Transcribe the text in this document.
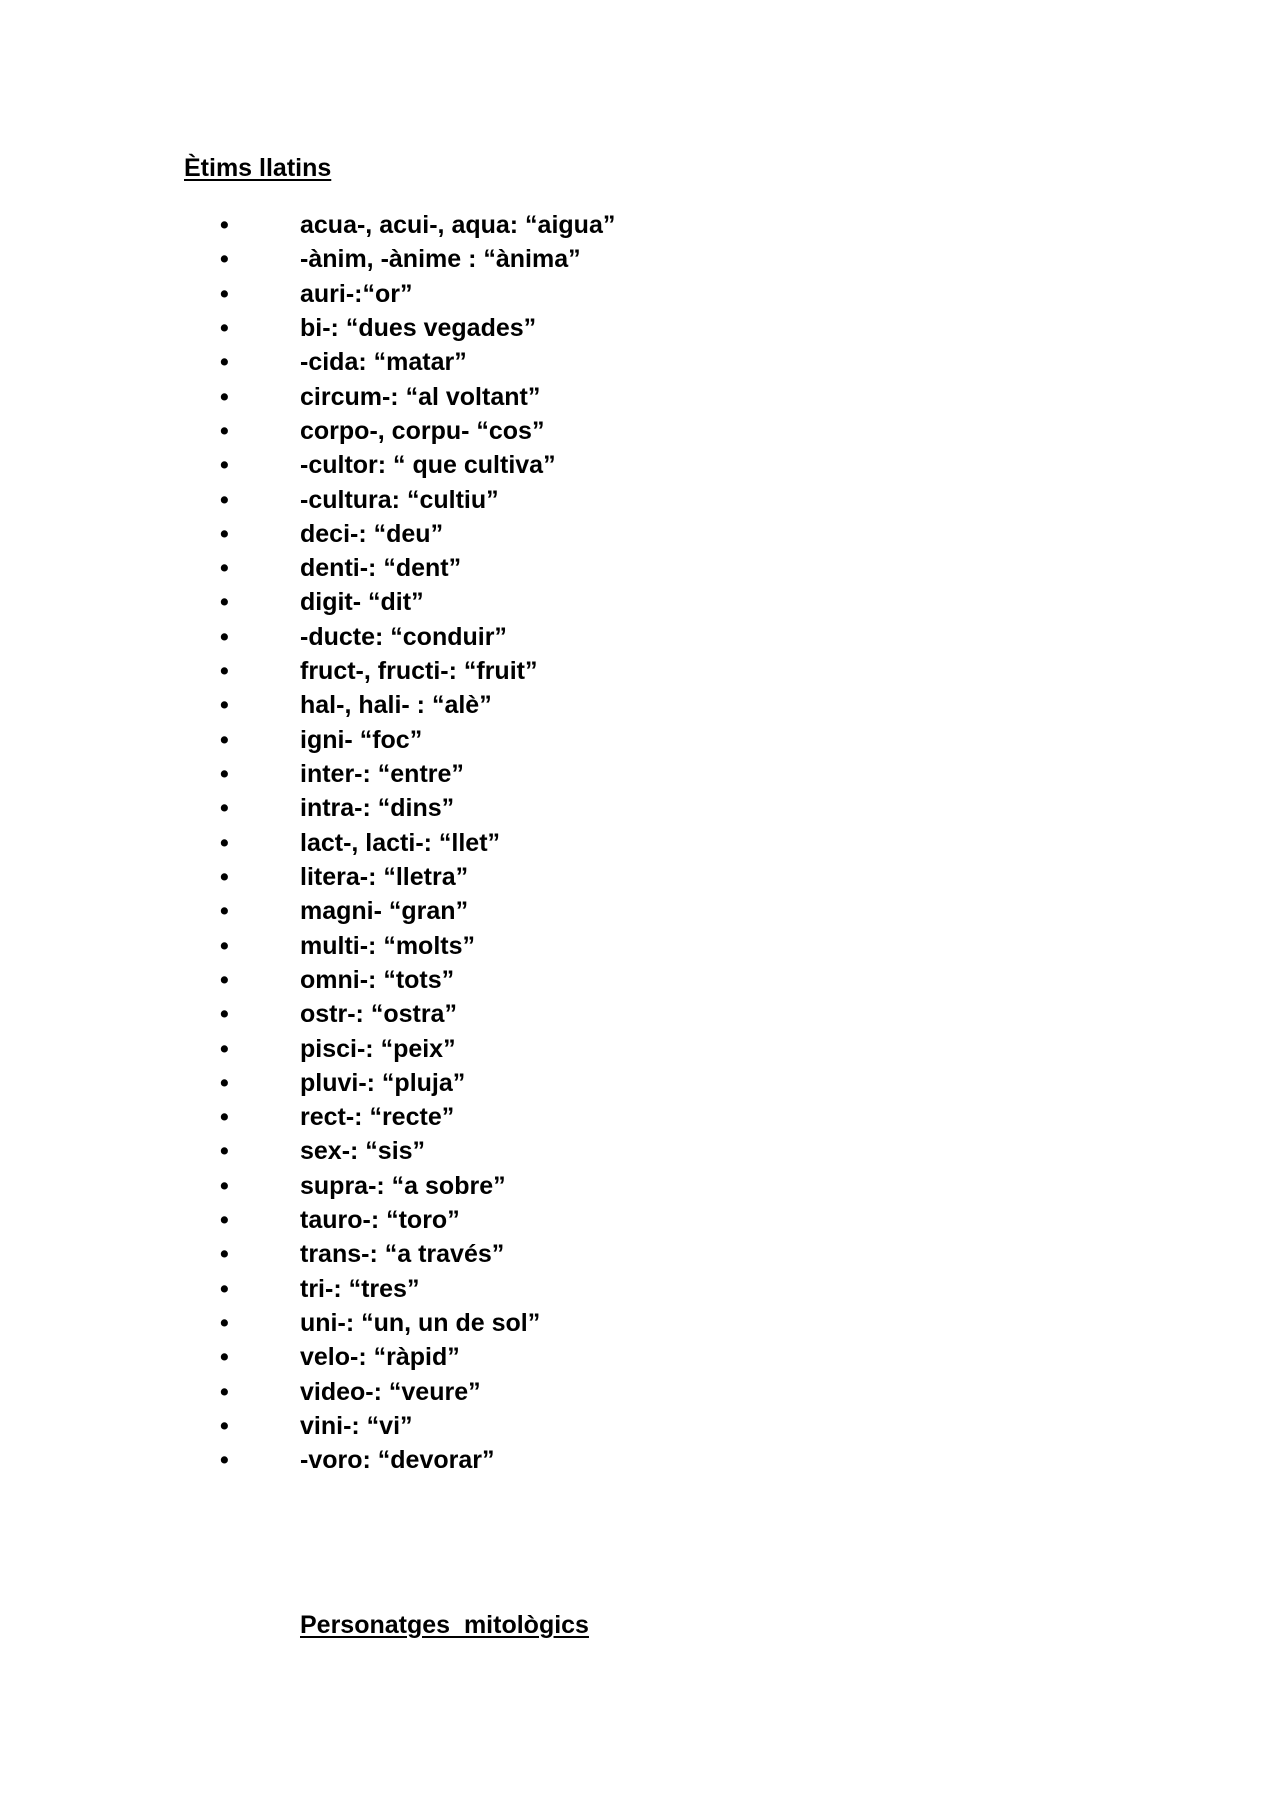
Ètims llatins
•	acua-, acui-, aqua: “aigua”
•	-ànim, -ànime : “ànima”
•	auri-:“or”
•	bi-: “dues vegades”
•	-cida: “matar”
•	circum-: “al voltant”
•	corpo-, corpu- “cos”
•	-cultor: “ que cultiva”
•	-cultura: “cultiu”
•	deci-: “deu”
•	denti-: “dent”
•	digit- “dit”
•	-ducte: “conduir”
•	fruct-, fructi-: “fruit”
•	hal-, hali- : “alè”
•	igni- “foc”
•	inter-: “entre”
•	intra-: “dins”
•	lact-, lacti-: “llet”
•	litera-: “lletra”
•	magni- “gran”
•	multi-: “molts”
•	omni-: “tots”
•	ostr-: “ostra”
•	pisci-: “peix”
•	pluvi-: “pluja”
•	rect-: “recte”
•	sex-: “sis”
•	supra-: “a sobre”
•	tauro-: “toro”
•	trans-: “a través”
•	tri-: “tres”
•	uni-: “un, un de sol”
•	velo-: “ràpid”
•	video-: “veure”
•	vini-: “vi”
•	-voro: “devorar”
Personatges  mitològics
